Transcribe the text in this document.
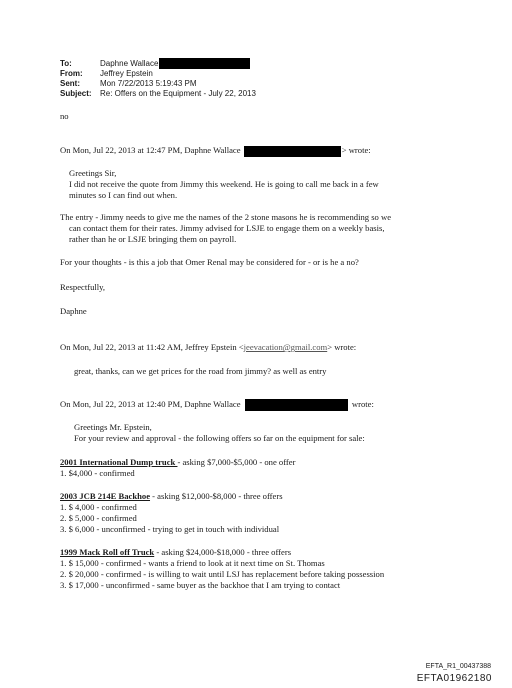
To:	Daphne Wallace
From:	Jeffrey Epstein
Sent:	Mon 7/22/2013 5:19:43 PM
Subject:	Re: Offers on the Equipment - July 22, 2013
no
On Mon, Jul 22, 2013 at 12:47 PM, Daphne Wallace	> wrote:
Greetings Sir,
I did not receive the quote from Jimmy this weekend. He is going to call me back in a few
minutes so I can find out when.
The entry - Jimmy needs to give me the names of the 2 stone masons he is recommending so we
can contact them for their rates. Jimmy advised for LSJE to engage them on a weekly basis,
rather than he or LSJE bringing them on payroll.
For your thoughts - is this a job that Omer Renal may be considered for - or is he a no?
Respectfully,
Daphne
On Mon, Jul 22, 2013 at 11:42 AM, Jeffrey Epstein <jeevacation@gmail.com> wrote:
great, thanks, can we get prices for the road from jimmy? as well as entry
On Mon, Jul 22, 2013 at 12:40 PM, Daphne Wallace	wrote:
Greetings Mr. Epstein,
For your review and approval - the following offers so far on the equipment for sale:
2001 International Dump truck - asking $7,000-$5,000 - one offer
1. $4,000 - confirmed
2003 JCB 214E Backhoe - asking $12,000-$8,000 - three offers
1. $ 4,000 - confirmed
2. $ 5,000 - confirmed
3. $ 6,000 - unconfirmed - trying to get in touch with individual
1999 Mack Roll off Truck - asking $24,000-$18,000 - three offers
1. $ 15,000 - confirmed - wants a friend to look at it next time on St. Thomas
2. $ 20,000 - confirmed - is willing to wait until LSJ has replacement before taking possession
3. $ 17,000 - unconfirmed - same buyer as the backhoe that I am trying to contact
EFTA_R1_00437388
EFTA01962180
